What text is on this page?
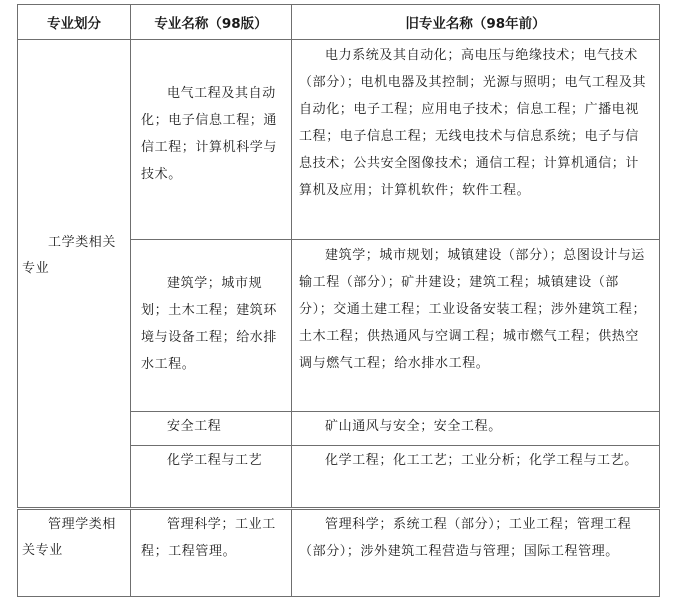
专业划分	专业名称（98版）	旧专业名称（98年前）

工学类相关专业	电气工程及其自动化；电子信息工程；通信工程；计算机科学与技术。	电力系统及其自动化；高电压与绝缘技术；电气技术（部分）；电机电器及其控制；光源与照明；电气工程及其自动化；电子工程；应用电子技术；信息工程；广播电视工程；电子信息工程；无线电技术与信息系统；电子与信息技术；公共安全图像技术；通信工程；计算机通信；计算机及应用；计算机软件；软件工程。

	建筑学；城市规划；土木工程；建筑环境与设备工程；给水排水工程。	建筑学；城市规划；城镇建设（部分）；总图设计与运输工程（部分）；矿井建设；建筑工程；城镇建设（部分）；交通土建工程；工业设备安装工程；涉外建筑工程；土木工程；供热通风与空调工程；城市燃气工程；供热空调与燃气工程；给水排水工程。

	安全工程	矿山通风与安全；安全工程。

	化学工程与工艺	化学工程；化工工艺；工业分析；化学工程与工艺。

管理学类相关专业	管理科学；工业工程；工程管理。	管理科学；系统工程（部分）；工业工程；管理工程（部分）；涉外建筑工程营造与管理；国际工程管理。
